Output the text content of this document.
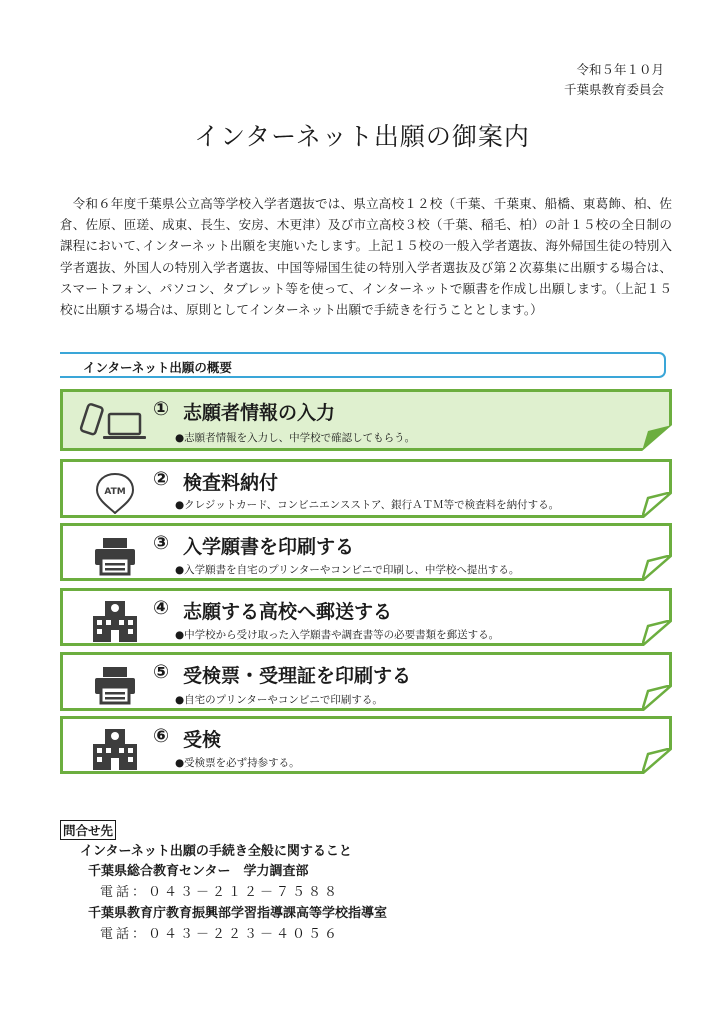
令和５年１０月
千葉県教育委員会
インターネット出願の御案内

令和６年度千葉県公立高等学校入学者選抜では、県立高校１２校（千葉、千葉東、船橋、東葛飾、柏、佐倉、佐原、匝瑳、成東、長生、安房、木更津）及び市立高校３校（千葉、稲毛、柏）の計１５校の全日制の課程において､インターネット出願を実施いたします。上記１５校の一般入学者選抜、海外帰国生徒の特別入学者選抜、外国人の特別入学者選抜、中国等帰国生徒の特別入学者選抜及び第２次募集に出願する場合は、スマートフォン、パソコン、タブレット等を使って、インターネットで願書を作成し出願します。（上記１５校に出願する場合は、原則としてインターネット出願で手続きを行うこととします。）

インターネット出願の概要
① 志願者情報の入力
●志願者情報を入力し、中学校で確認してもらう。
ATM
② 検査料納付
●クレジットカード、コンビニエンスストア、銀行ＡＴＭ等で検査料を納付する。
③ 入学願書を印刷する
●入学願書を自宅のプリンターやコンビニで印刷し、中学校へ提出する。
④ 志願する高校へ郵送する
●中学校から受け取った入学願書や調査書等の必要書類を郵送する。
⑤ 受検票・受理証を印刷する
●自宅のプリンターやコンビニで印刷する。
⑥ 受検
●受検票を必ず持参する。
問合せ先
インターネット出願の手続き全般に関すること
千葉県総合教育センター　学力調査部
電話：０４３－２１２－７５８８
千葉県教育庁教育振興部学習指導課高等学校指導室
電話：０４３－２２３－４０５６
